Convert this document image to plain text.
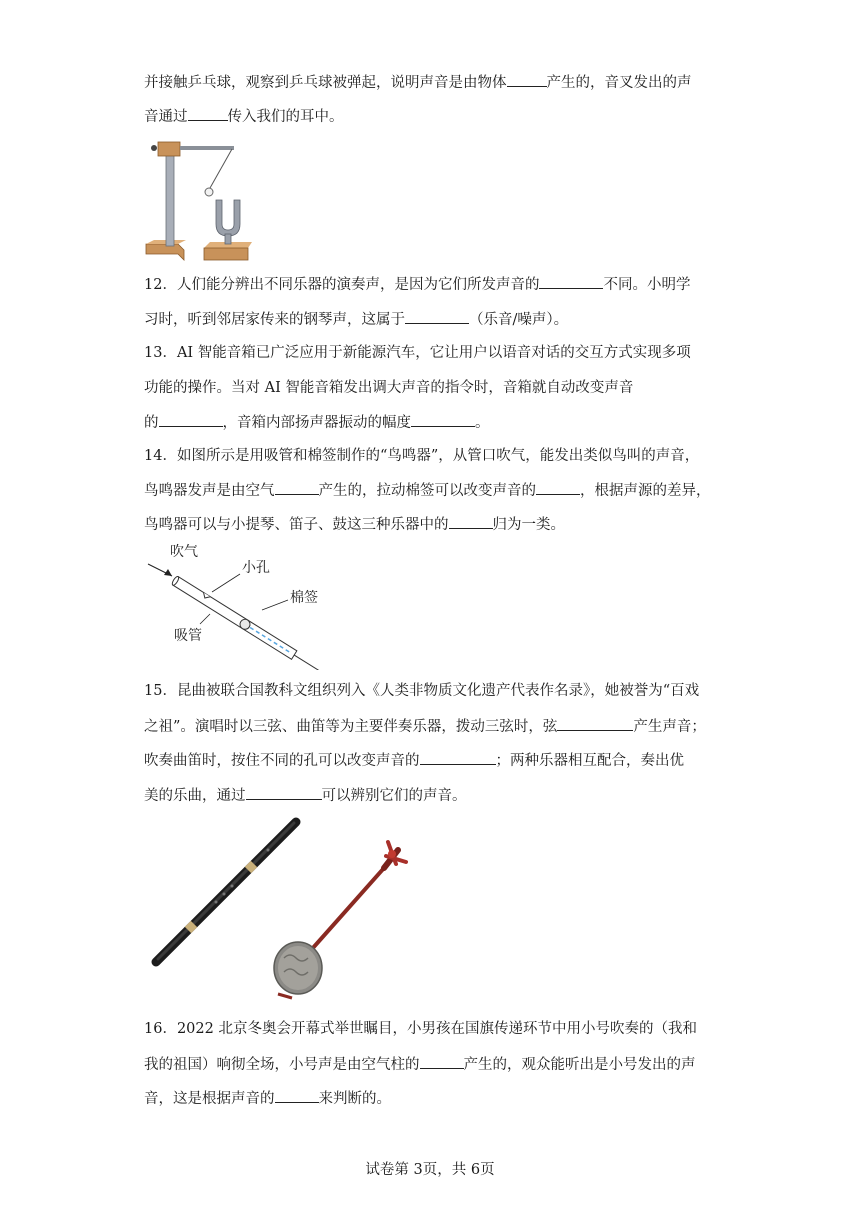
并接触乒乓球，观察到乒乓球被弹起，说明声音是由物体	产生的，音叉发出的声
音通过	传入我们的耳中。
12．人们能分辨出不同乐器的演奏声，是因为它们所发声音的	不同。小明学
习时，听到邻居家传来的钢琴声，这属于	（乐音/噪声）。
13．AI 智能音箱已广泛应用于新能源汽车，它让用户以语音对话的交互方式实现多项
功能的操作。当对 AI 智能音箱发出调大声音的指令时，音箱就自动改变声音
的	，音箱内部扬声器振动的幅度	。
14．如图所示是用吸管和棉签制作的“鸟鸣器”，从管口吹气，能发出类似鸟叫的声音，
鸟鸣器发声是由空气	产生的，拉动棉签可以改变声音的	，根据声源的差异，
鸟鸣器可以与小提琴、笛子、鼓这三种乐器中的	归为一类。
吹气
小孔
棉签
吸管
15．昆曲被联合国教科文组织列入《人类非物质文化遗产代表作名录》，她被誉为“百戏
之祖”。演唱时以三弦、曲笛等为主要伴奏乐器，拨动三弦时，弦	产生声音；
吹奏曲笛时，按住不同的孔可以改变声音的	；两种乐器相互配合，奏出优
美的乐曲，通过	可以辨别它们的声音。
16．2022 北京冬奥会开幕式举世瞩目，小男孩在国旗传递环节中用小号吹奏的（我和
我的祖国）响彻全场，小号声是由空气柱的	产生的，观众能听出是小号发出的声
音，这是根据声音的	来判断的。
试卷第 3页，共 6页
